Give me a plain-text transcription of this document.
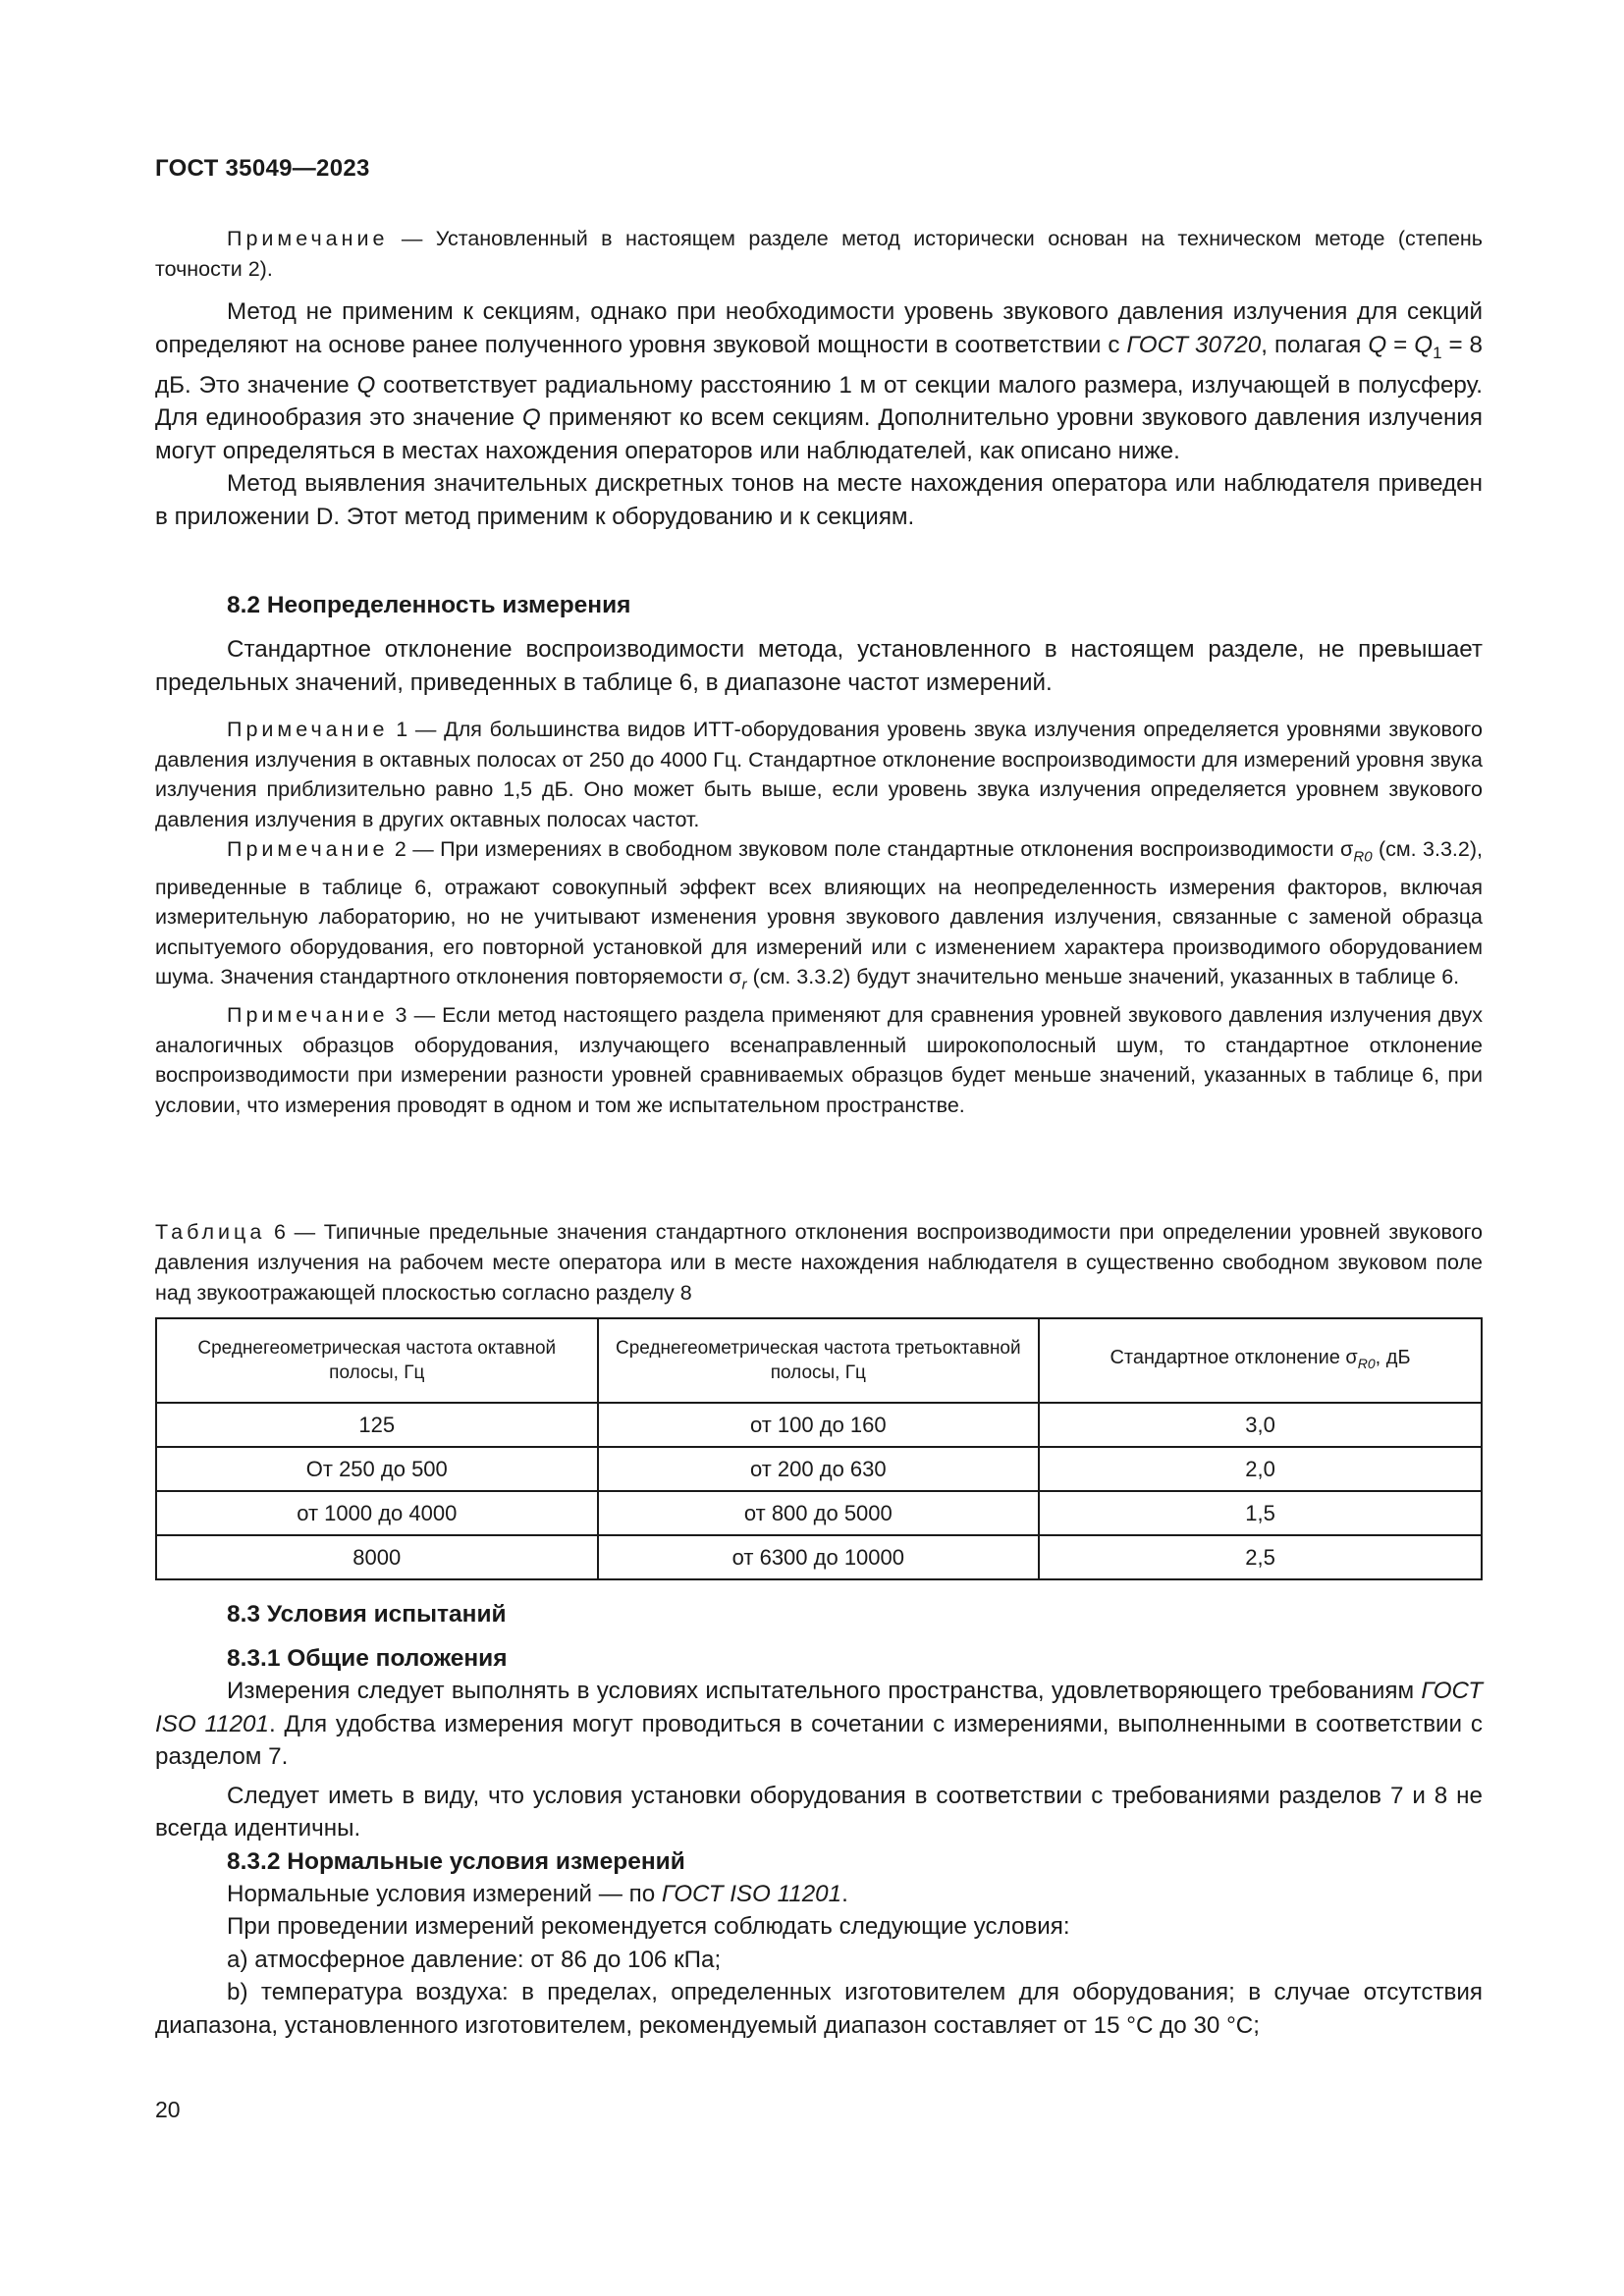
ГОСТ 35049—2023

Примечание — Установленный в настоящем разделе метод исторически основан на техническом методе (степень точности 2).

Метод не применим к секциям, однако при необходимости уровень звукового давления излучения для секций определяют на основе ранее полученного уровня звуковой мощности в соответствии с ГОСТ 30720, полагая $Q = Q_1 = 8$ дБ. Это значение Q соответствует радиальному расстоянию 1 м от секции малого размера, излучающей в полусферу. Для единообразия это значение Q применяют ко всем секциям. Дополнительно уровни звукового давления излучения могут определяться в местах нахождения операторов или наблюдателей, как описано ниже.

Метод выявления значительных дискретных тонов на месте нахождения оператора или наблюдателя приведен в приложении D. Этот метод применим к оборудованию и к секциям.

8.2 Неопределенность измерения

Стандартное отклонение воспроизводимости метода, установленного в настоящем разделе, не превышает предельных значений, приведенных в таблице 6, в диапазоне частот измерений.

Примечание 1 — Для большинства видов ИТТ-оборудования уровень звука излучения определяется уровнями звукового давления излучения в октавных полосах от 250 до 4000 Гц. Стандартное отклонение воспроизводимости для измерений уровня звука излучения приблизительно равно 1,5 дБ. Оно может быть выше, если уровень звука излучения определяется уровнем звукового давления излучения в других октавных полосах частот.

Примечание 2 — При измерениях в свободном звуковом поле стандартные отклонения воспроизводимости $\sigma_{R0}$ (см. 3.3.2), приведенные в таблице 6, отражают совокупный эффект всех влияющих на неопределенность измерения факторов, включая измерительную лабораторию, но не учитывают изменения уровня звукового давления излучения, связанные с заменой образца испытуемого оборудования, его повторной установкой для измерений или с изменением характера производимого оборудованием шума. Значения стандартного отклонения повторяемости $\sigma_r$ (см. 3.3.2) будут значительно меньше значений, указанных в таблице 6.

Примечание 3 — Если метод настоящего раздела применяют для сравнения уровней звукового давления излучения двух аналогичных образцов оборудования, излучающего всенаправленный широкополосный шум, то стандартное отклонение воспроизводимости при измерении разности уровней сравниваемых образцов будет меньше значений, указанных в таблице 6, при условии, что измерения проводят в одном и том же испытательном пространстве.

Таблица 6 — Типичные предельные значения стандартного отклонения воспроизводимости при определении уровней звукового давления излучения на рабочем месте оператора или в месте нахождения наблюдателя в существенно свободном звуковом поле над звукоотражающей плоскостью согласно разделу 8

Среднегеометрическая частота октавной полосы, Гц	Среднегеометрическая частота третьоктавной полосы, Гц	Стандартное отклонение $\sigma_{R0}$, дБ
125	от 100 до 160	3,0
От 250 до 500	от 200 до 630	2,0
от 1000 до 4000	от 800 до 5000	1,5
8000	от 6300 до 10000	2,5

8.3 Условия испытаний

8.3.1 Общие положения

Измерения следует выполнять в условиях испытательного пространства, удовлетворяющего требованиям ГОСТ ISO 11201. Для удобства измерения могут проводиться в сочетании с измерениями, выполненными в соответствии с разделом 7.

Следует иметь в виду, что условия установки оборудования в соответствии с требованиями разделов 7 и 8 не всегда идентичны.

8.3.2 Нормальные условия измерений

Нормальные условия измерений — по ГОСТ ISO 11201.

При проведении измерений рекомендуется соблюдать следующие условия:

a) атмосферное давление: от 86 до 106 кПа;

b) температура воздуха: в пределах, определенных изготовителем для оборудования; в случае отсутствия диапазона, установленного изготовителем, рекомендуемый диапазон составляет от 15 °C до 30 °C;

20
